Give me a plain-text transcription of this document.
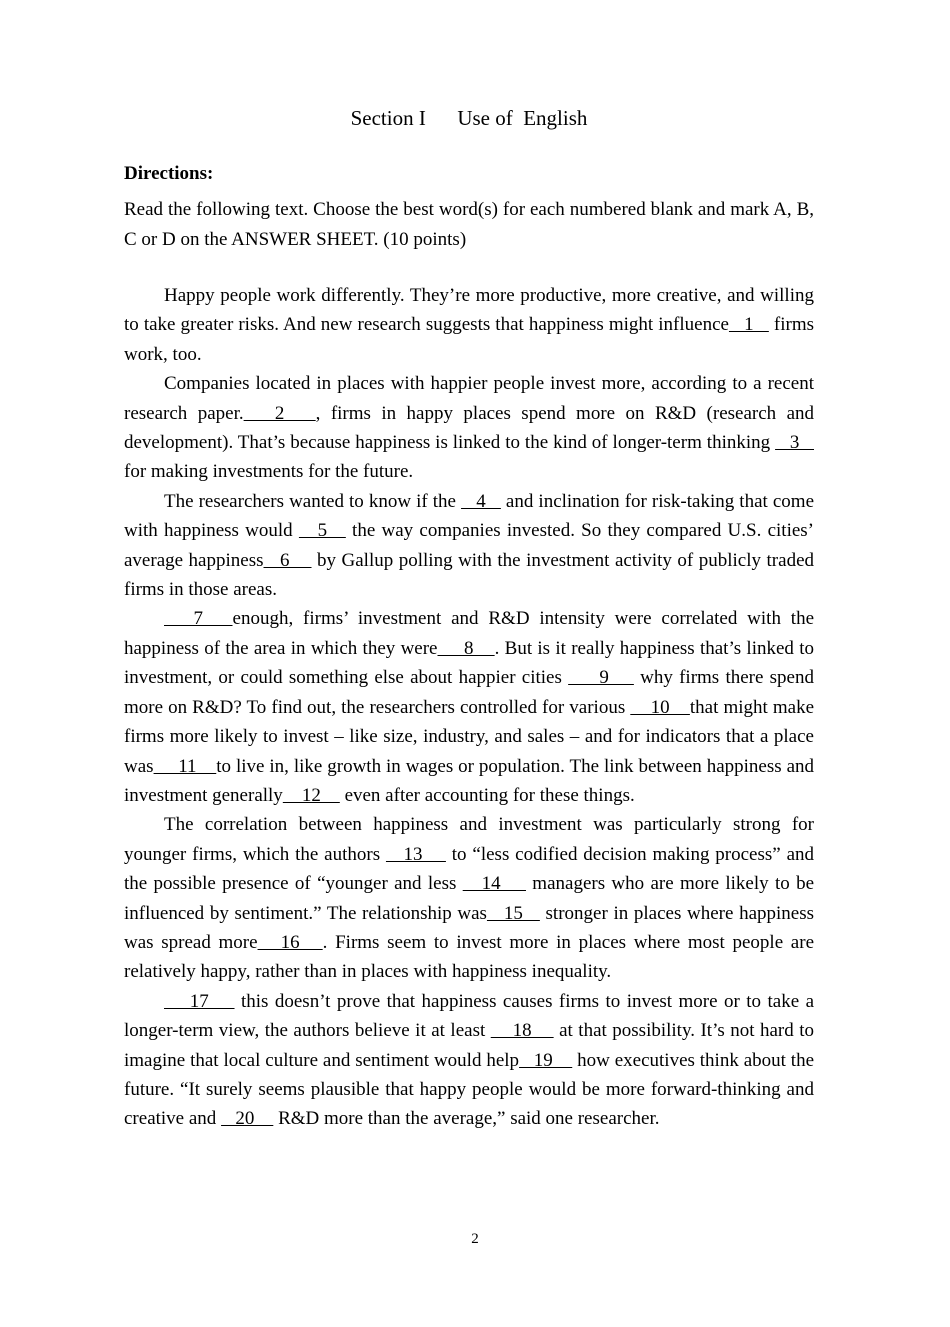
Section I      Use of  English
Directions:
Read the following text. Choose the best word(s) for each numbered blank and mark A, B, C or D on the ANSWER SHEET. (10 points)

Happy people work differently. They’re more productive, more creative, and willing to take greater risks. And new research suggests that happiness might influence   1    firms work, too.

Companies located in places with happier people invest more, according to a recent research paper.   2   , firms in happy places spend more on R&D (research and development). That’s because happiness is linked to the kind of longer-term thinking    3    for making investments for the future.

The researchers wanted to know if the    4    and inclination for risk-taking that come with happiness would    5    the way companies invested. So they compared U.S. cities’ average happiness   6     by Gallup polling with the investment activity of publicly traded firms in those areas.

7   enough, firms’ investment and R&D intensity were correlated with the happiness of the area in which they were     8    . But is it really happiness that’s linked to investment, or could something else about happier cities      9     why firms there spend more on R&D? To find out, the researchers controlled for various     10    that might make firms more likely to invest – like size, industry, and sales – and for indicators that a place was     11    to live in, like growth in wages or population. The link between happiness and investment generally    12     even after accounting for these things.

The correlation between happiness and investment was particularly strong for younger firms, which the authors    13     to “less codified decision making process” and the possible presence of “younger and less    14     managers who are more likely to be influenced by sentiment.” The relationship was   15    stronger in places where happiness was spread more   16   . Firms seem to invest more in places where most people are relatively happy, rather than in places with happiness inequality.

17     this doesn’t prove that happiness causes firms to invest more or to take a longer-term view, the authors believe it at least     18     at that possibility. It’s not hard to imagine that local culture and sentiment would help   19     how executives think about the future. “It surely seems plausible that happy people would be more forward-thinking and creative and    20     R&D more than the average,” said one researcher.

2
